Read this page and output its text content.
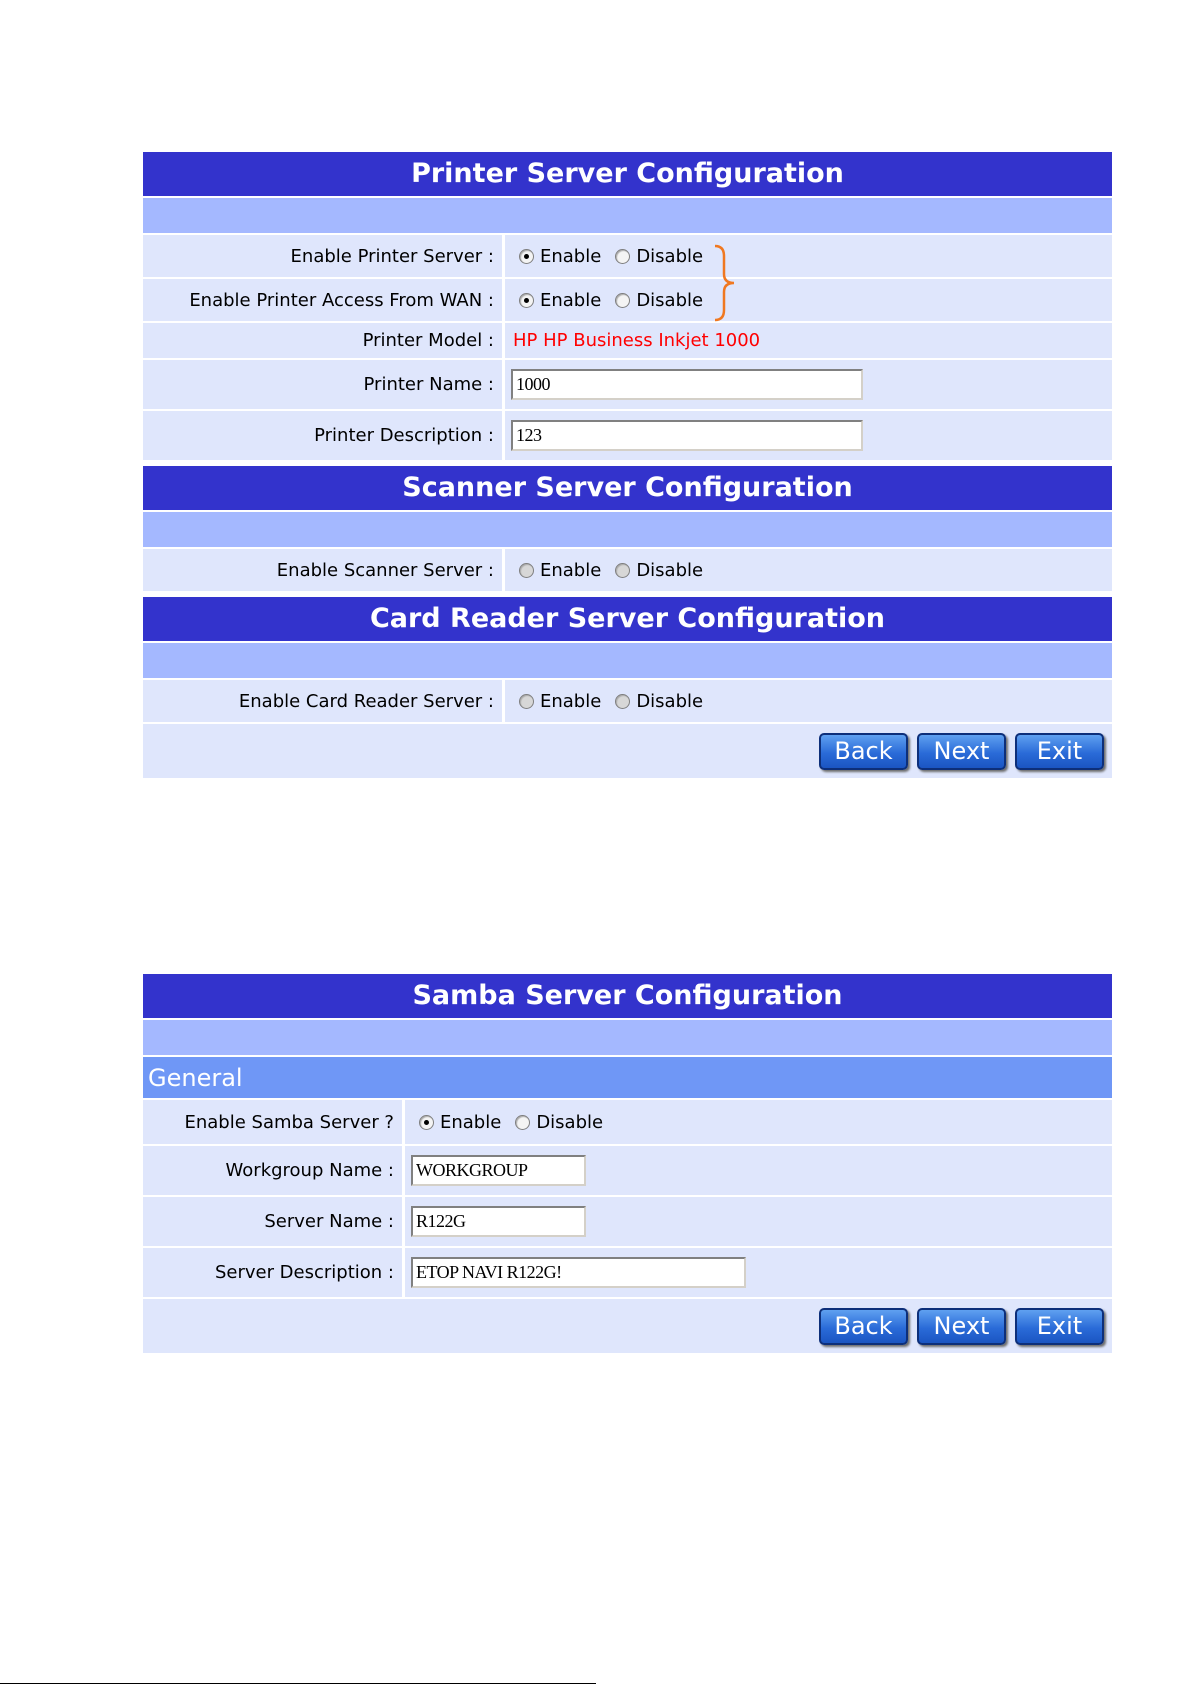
Printer Server Configuration
Enable Printer Server :	Enable Disable
Enable Printer Access From WAN :	Enable Disable
Printer Model :	HP HP Business Inkjet 1000
Printer Name :	1000
Printer Description :	123
Scanner Server Configuration
Enable Scanner Server :	Enable Disable
Card Reader Server Configuration
Enable Card Reader Server :	Enable Disable
Back	Next	Exit
Samba Server Configuration
General
Enable Samba Server ?	Enable Disable
Workgroup Name :	WORKGROUP
Server Name :	R122G
Server Description :	ETOP NAVI R122G!
Back	Next	Exit
